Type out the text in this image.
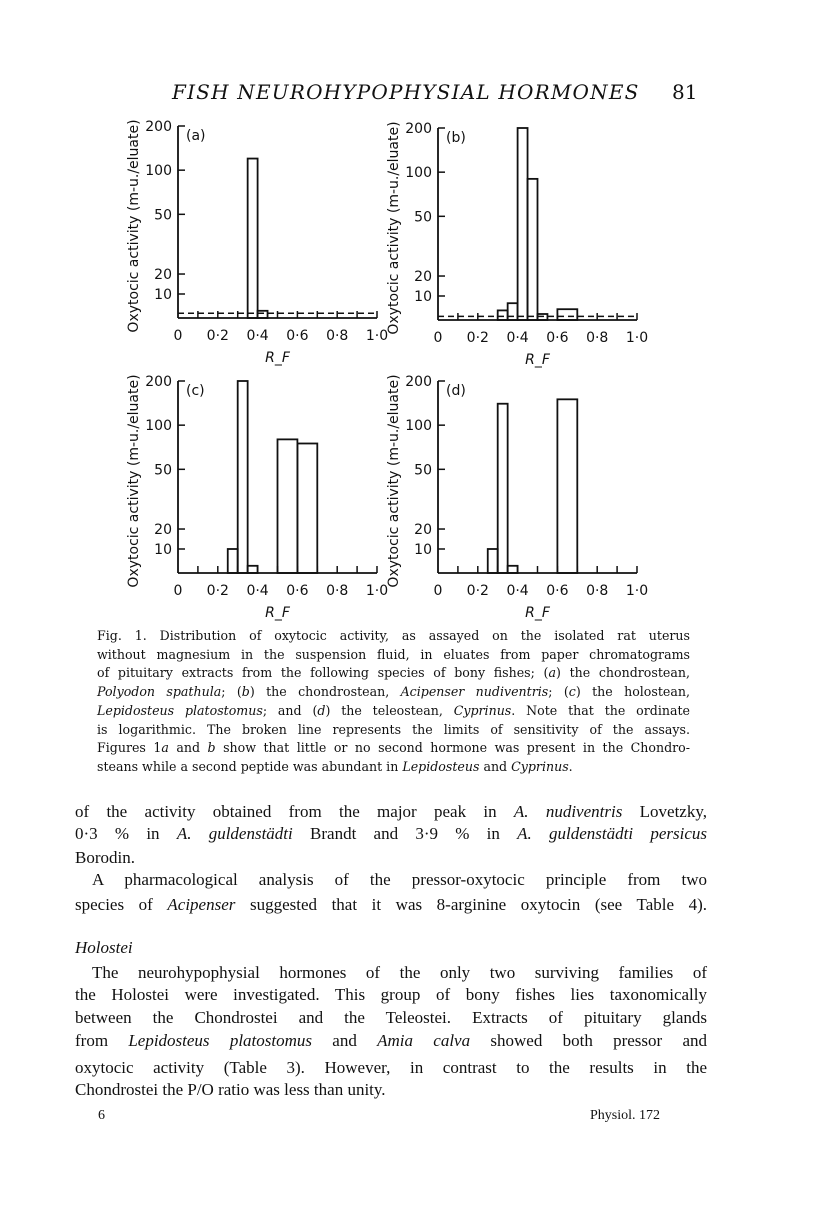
FISH NEUROHYPOPHYSIAL HORMONES 81
200
100
50
20
10
0 0·2 0·4 0·6 0·8 1·0
(a)
R_F
Oxytocic activity (m-u./eluate)	200
100
50
20
10
0 0·2 0·4 0·6 0·8 1·0
(b)
R_F
Oxytocic activity (m-u./eluate)
200
100
50
20
10
0 0·2 0·4 0·6 0·8 1·0
(c)
R_F
Oxytocic activity (m-u./eluate)	200
100
50
20
10
0 0·2 0·4 0·6 0·8 1·0
(d)
R_F
Oxytocic activity (m-u./eluate)
Fig. 1. Distribution of oxytocic activity, as assayed on the isolated rat uterus
without magnesium in the suspension fluid, in eluates from paper chromatograms
of pituitary extracts from the following species of bony fishes; (a) the chondrostean,
Polyodon spathula; (b) the chondrostean, Acipenser nudiventris; (c) the holostean,
Lepidosteus platostomus; and (d) the teleostean, Cyprinus. Note that the ordinate
is logarithmic. The broken line represents the limits of sensitivity of the assays.
Figures 1a and b show that little or no second hormone was present in the Chondro-
steans while a second peptide was abundant in Lepidosteus and Cyprinus.
of the activity obtained from the major peak in A. nudiventris Lovetzky,
0·3 % in A. guldenstädti Brandt and 3·9 % in A. guldenstädti persicus
Borodin.
 A pharmacological analysis of the pressor-oxytocic principle from two
species of Acipenser suggested that it was 8-arginine oxytocin (see Table 4).
Holostei
 The neurohypophysial hormones of the only two surviving families of
the Holostei were investigated. This group of bony fishes lies taxonomically
between the Chondrostei and the Teleostei. Extracts of pituitary glands
from Lepidosteus platostomus and Amia calva showed both pressor and
oxytocic activity (Table 3). However, in contrast to the results in the
Chondrostei the P/O ratio was less than unity.
6	Physiol. 172
